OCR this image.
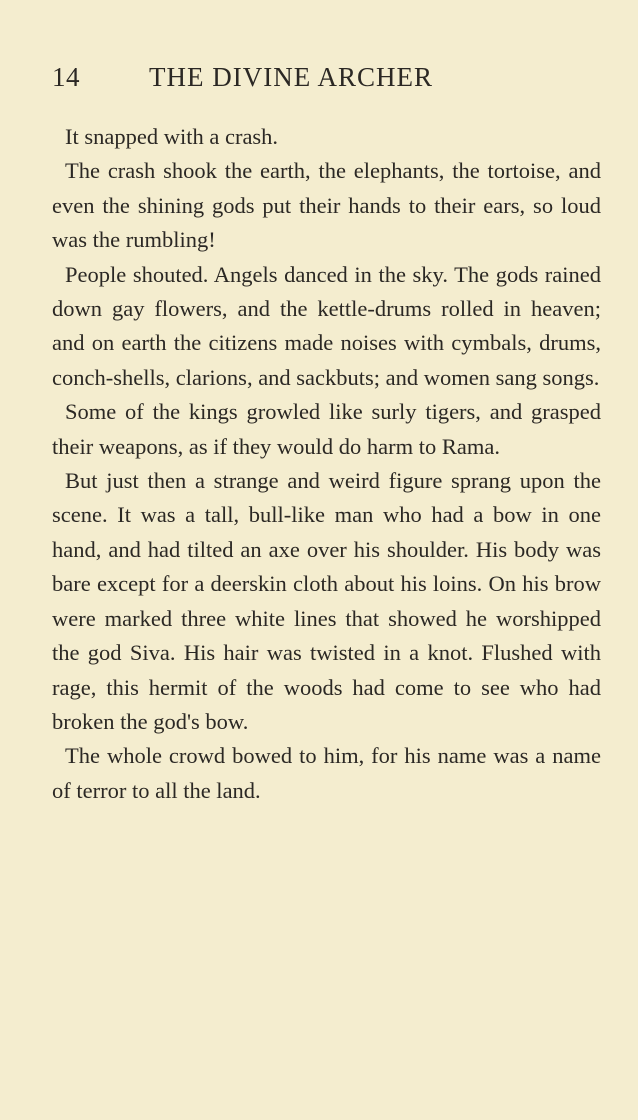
14	THE DIVINE ARCHER

It snapped with a crash.

The crash shook the earth, the elephants, the tortoise, and even the shining gods put their hands to their ears, so loud was the rumbling!

People shouted. Angels danced in the sky. The gods rained down gay flowers, and the kettle-drums rolled in heaven; and on earth the citizens made noises with cymbals, drums, conch-shells, clarions, and sackbuts; and women sang songs.

Some of the kings growled like surly tigers, and grasped their weapons, as if they would do harm to Rama.

But just then a strange and weird figure sprang upon the scene. It was a tall, bull-like man who had a bow in one hand, and had tilted an axe over his shoulder. His body was bare except for a deerskin cloth about his loins. On his brow were marked three white lines that showed he worshipped the god Siva. His hair was twisted in a knot. Flushed with rage, this hermit of the woods had come to see who had broken the god's bow.

The whole crowd bowed to him, for his name was a name of terror to all the land.
